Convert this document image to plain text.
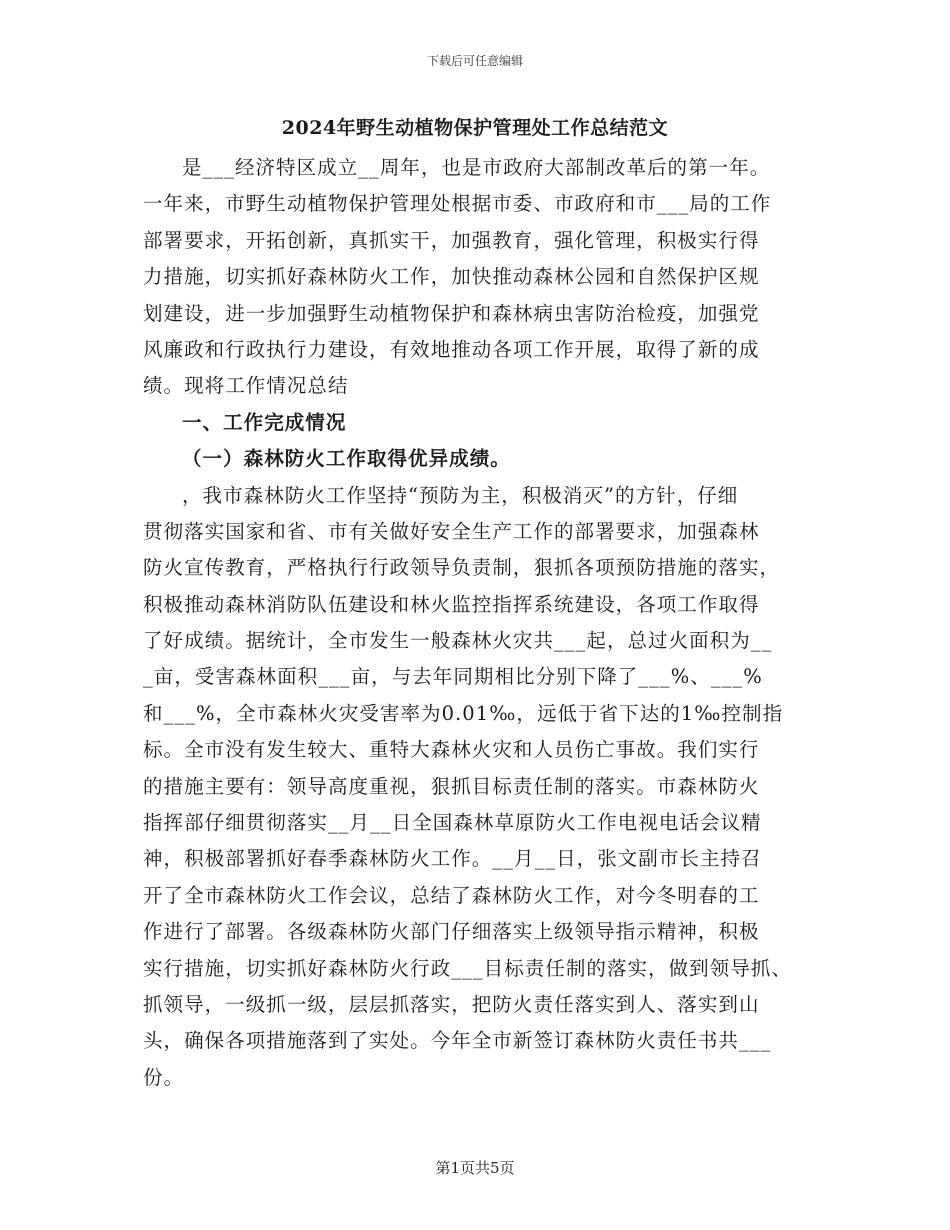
下载后可任意编辑
2024年野生动植物保护管理处工作总结范文
是___经济特区成立__周年，也是市政府大部制改革后的第一年。
一年来，市野生动植物保护管理处根据市委、市政府和市___局的工作
部署要求，开拓创新，真抓实干，加强教育，强化管理，积极实行得
力措施，切实抓好森林防火工作，加快推动森林公园和自然保护区规
划建设，进一步加强野生动植物保护和森林病虫害防治检疫，加强党
风廉政和行政执行力建设，有效地推动各项工作开展，取得了新的成
绩。现将工作情况总结
一、工作完成情况
（一）森林防火工作取得优异成绩。
，我市森林防火工作坚持“预防为主，积极消灭”的方针，仔细
贯彻落实国家和省、市有关做好安全生产工作的部署要求，加强森林
防火宣传教育，严格执行行政领导负责制，狠抓各项预防措施的落实，
积极推动森林消防队伍建设和林火监控指挥系统建设，各项工作取得
了好成绩。据统计，全市发生一般森林火灾共___起，总过火面积为__
_亩，受害森林面积___亩，与去年同期相比分别下降了___%、___%
和___%，全市森林火灾受害率为0.01‰，远低于省下达的1‰控制指
标。全市没有发生较大、重特大森林火灾和人员伤亡事故。我们实行
的措施主要有：领导高度重视，狠抓目标责任制的落实。市森林防火
指挥部仔细贯彻落实__月__日全国森林草原防火工作电视电话会议精
神，积极部署抓好春季森林防火工作。__月__日，张文副市长主持召
开了全市森林防火工作会议，总结了森林防火工作，对今冬明春的工
作进行了部署。各级森林防火部门仔细落实上级领导指示精神，积极
实行措施，切实抓好森林防火行政___目标责任制的落实，做到领导抓、
抓领导，一级抓一级，层层抓落实，把防火责任落实到人、落实到山
头，确保各项措施落到了实处。今年全市新签订森林防火责任书共___
份。
第1页共5页
